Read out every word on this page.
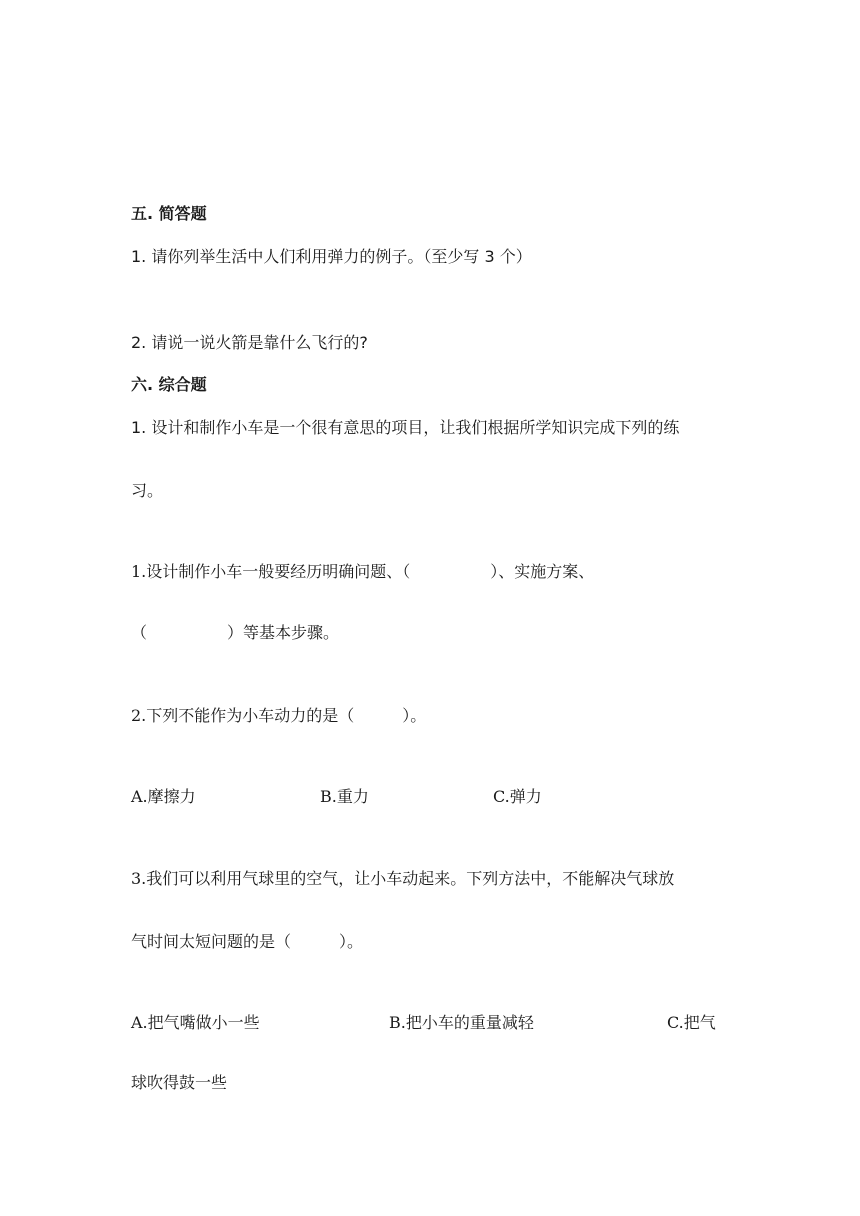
五. 简答题
1. 请你列举生活中人们利用弹力的例子。（至少写 3 个）
2. 请说一说火箭是靠什么飞行的?
六. 综合题
1. 设计和制作小车是一个很有意思的项目，让我们根据所学知识完成下列的练
习。
1.设计制作小车一般要经历明确问题、（　　　　　）、实施方案、
（　　　　　）等基本步骤。
2.下列不能作为小车动力的是（　　　）。
A.摩擦力	B.重力	C.弹力
3.我们可以利用气球里的空气，让小车动起来。下列方法中，不能解决气球放
气时间太短问题的是（　　　）。
A.把气嘴做小一些	B.把小车的重量减轻	C.把气
球吹得鼓一些
